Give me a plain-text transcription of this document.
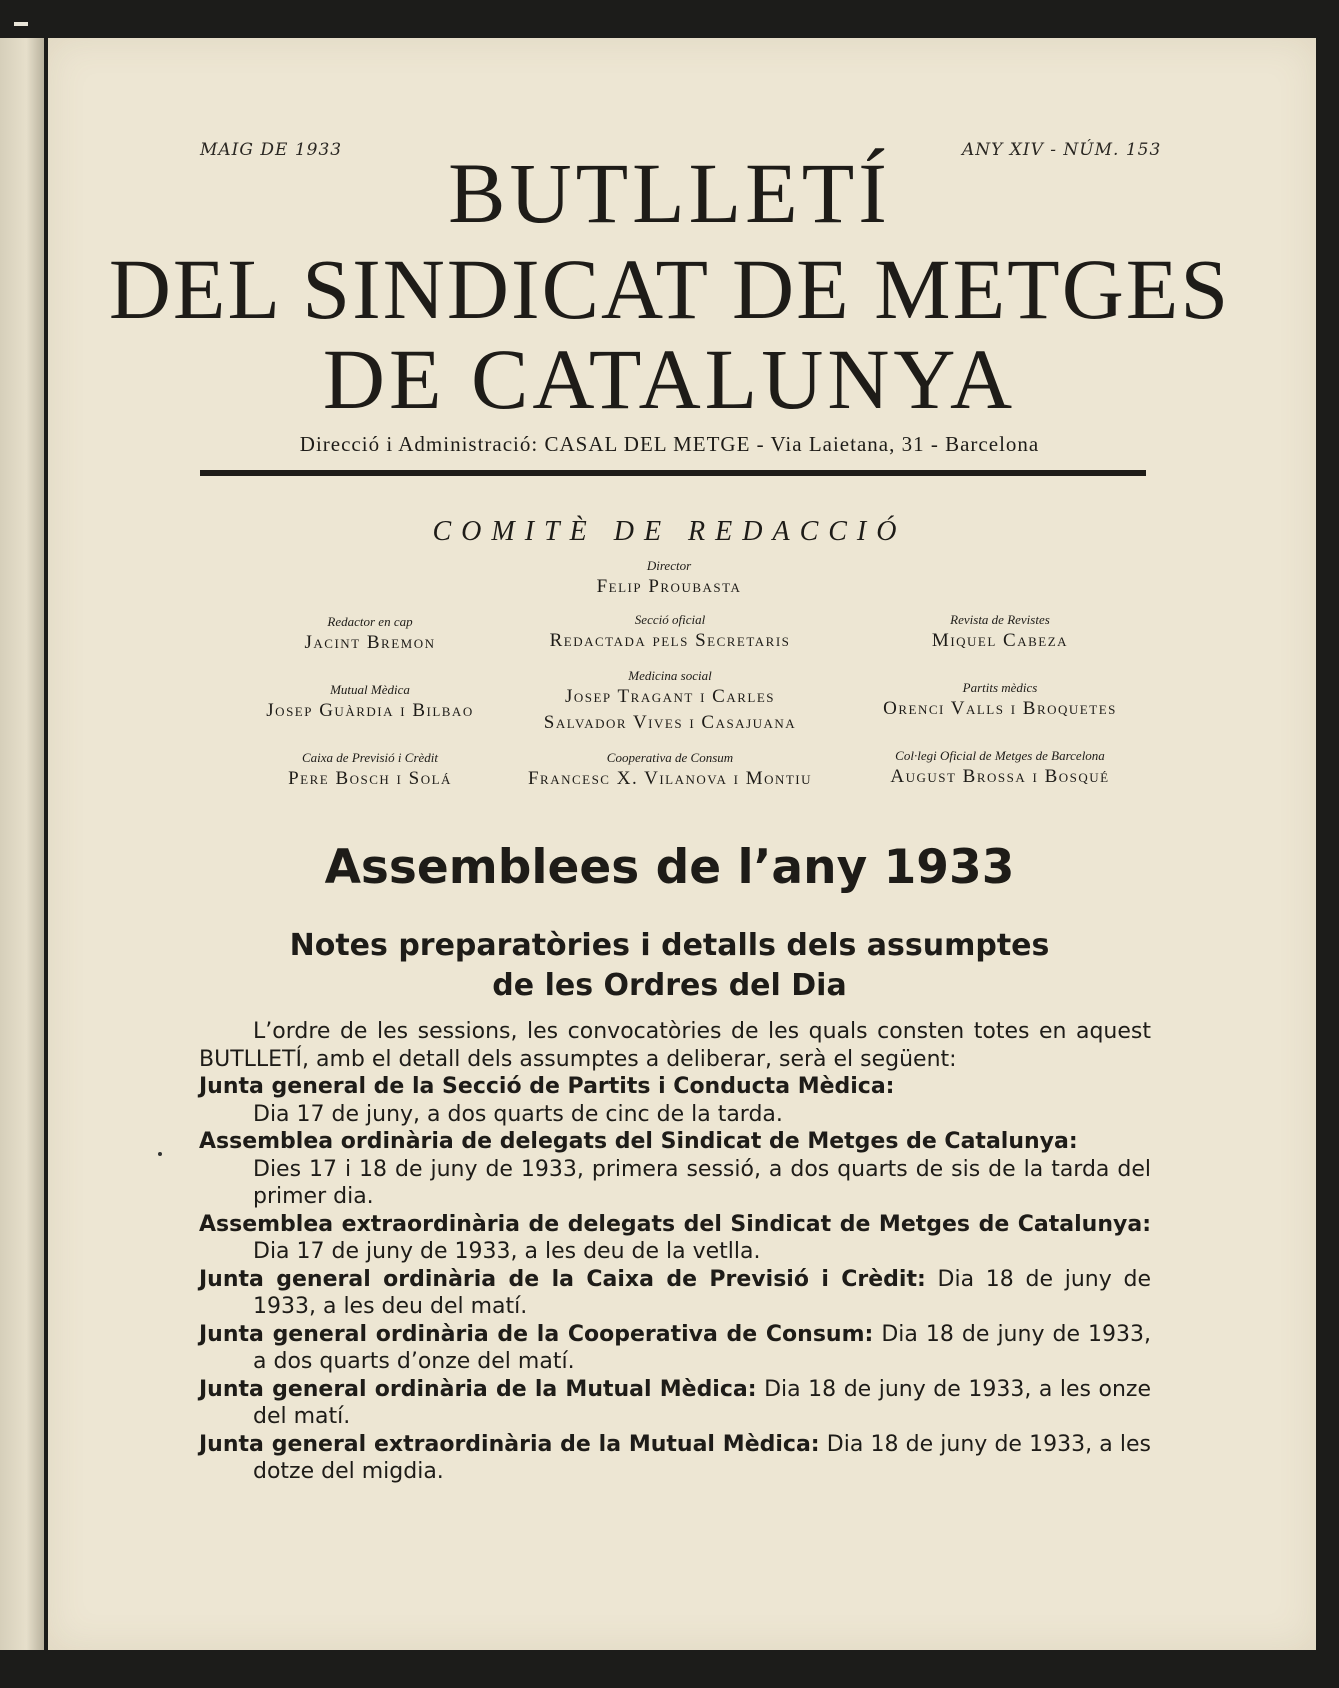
MAIG DE 1933	ANY XIV - NÚM. 153
BUTLLETÍ
DEL SINDICAT DE METGES
DE CATALUNYA
Direcció i Administració: CASAL DEL METGE - Via Laietana, 31 - Barcelona
COMITÈ DE REDACCIÓ
Director
Felip Proubasta
Redactor en cap
Jacint Bremon
Secció oficial
Redactada pels Secretaris
Revista de Revistes
Miquel Cabeza
Mutual Mèdica
Josep Guàrdia i Bilbao
Medicina social
Josep Tragant i Carles
Salvador Vives i Casajuana
Partits mèdics
Orenci Valls i Broquetes
Caixa de Previsió i Crèdit
Pere Bosch i Solá
Cooperativa de Consum
Francesc X. Vilanova i Montiu
Col·legi Oficial de Metges de Barcelona
August Brossa i Bosqué
Assemblees de l’any 1933
Notes preparatòries i detalls dels assumptes
de les Ordres del Dia

L’ordre de les sessions, les convocatòries de les quals consten totes en aquest BUTLLETÍ, amb el detall dels assumptes a deliberar, serà el següent:

Junta general de la Secció de Partits i Conducta Mèdica:
Dia 17 de juny, a dos quarts de cinc de la tarda.

Assemblea ordinària de delegats del Sindicat de Metges de Catalunya:
Dies 17 i 18 de juny de 1933, primera sessió, a dos quarts de sis de la tarda del primer dia.

Assemblea extraordinària de delegats del Sindicat de Metges de Catalunya: Dia 17 de juny de 1933, a les deu de la vetlla.

Junta general ordinària de la Caixa de Previsió i Crèdit: Dia 18 de juny de 1933, a les deu del matí.

Junta general ordinària de la Cooperativa de Consum: Dia 18 de juny de 1933, a dos quarts d’onze del matí.

Junta general ordinària de la Mutual Mèdica: Dia 18 de juny de 1933, a les onze del matí.

Junta general extraordinària de la Mutual Mèdica: Dia 18 de juny de 1933, a les dotze del migdia.
